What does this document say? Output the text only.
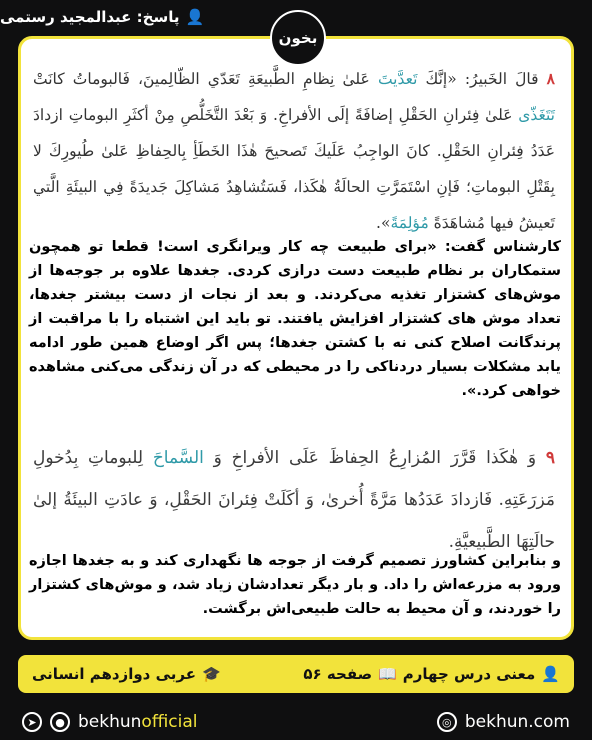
👤
پاسخ: عبدالمجید رستمی
بخون
۸ قالَ الخَبيرُ: «إنَّكَ تَعدَّيتَ عَلىٰ نِظامِ الطَّبيعَةِ تَعَدّي الظّالِمينَ، فَالبوماتُ كانَتْ تَتَغَذّى عَلىٰ فِئرانِ الحَقْلِ إضافَةً إلَى الأفراخِ. وَ بَعْدَ التَّخَلُّصِ مِنْ أكثَرِ البوماتِ ازدادَ عَدَدُ فِئرانِ الحَقْلِ. كانَ الواجِبُ عَلَيكَ تَصحيحَ هٰذَا الخَطَأِ بِالحِفاظِ عَلىٰ طُيورِكَ لا بِقَتْلِ البوماتِ؛ فَإنِ اسْتَمَرَّتِ الحالَةُ هٰكَذا، فَسَتُشاهِدُ مَشاكِلَ جَديدَةً فِي البيئَةِ الَّتي تَعيشُ فيها مُشاهَدَةً مُؤلِمَةً».
کارشناس گفت: «برای طبیعت چه کار ویرانگری است! قطعا تو همچون ستمکاران بر نظام طبیعت دست درازی کردی. جغدها علاوه بر جوجه‌ها از موش‌های کشتزار تغذیه می‌کردند. و بعد از نجات از دست بیشتر جغدها، تعداد موش های کشتزار افزایش یافتند. تو باید این اشتباه را با مراقبت از پرندگانت اصلاح کنی نه با کشتن جغدها؛ پس اگر اوضاع همین طور ادامه یابد مشکلات بسیار دردناکی را در محیطی که در آن زندگی می‌کنی مشاهده خواهی کرد.».
۹ وَ هٰكَذا قَرَّرَ المُزارِعُ الحِفاظَ عَلَى الأفراخِ وَ السَّماحَ لِلبوماتِ بِدُخولِ مَزرَعَتِهِ. فَازدادَ عَدَدُها مَرَّةً أُخرىٰ، وَ أكَلَتْ فِئرانَ الحَقْلِ، وَ عادَتِ البيئَةُ إلىٰ حالَتِهَا الطَّبيعيَّةِ.
و بنابراین کشاورز تصمیم گرفت از جوجه ها نگهداری کند و به جغدها اجازه ورود به مزرعه‌اش را داد. و بار دیگر تعدادشان زیاد شد، و موش‌های کشتزار را خوردند، و آن محیط به حالت طبیعی‌اش برگشت.
👤
معنی درس چهارم
📖
صفحه ۵۶
🎓
عربی دوازدهم انسانی
➤	● bekhunofficial	◎ bekhun.com
